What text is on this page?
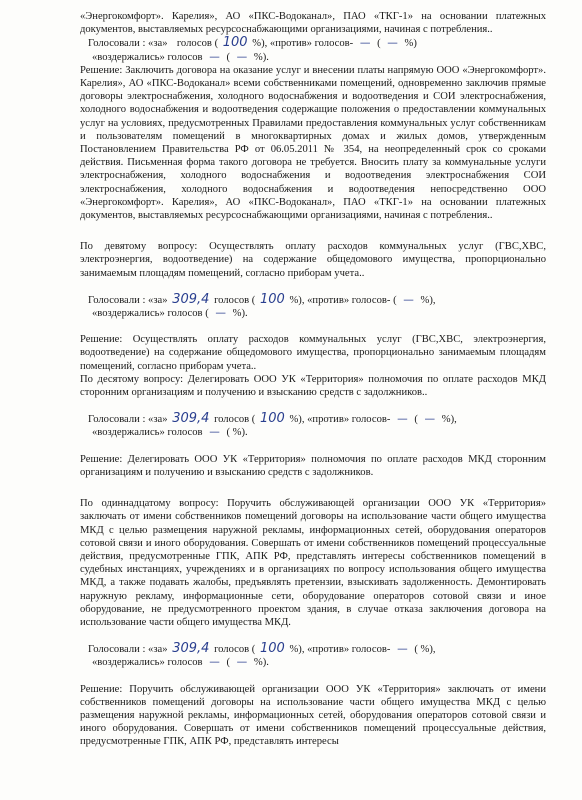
«Энергокомфорт». Карелия», АО «ПКС-Водоканал», ПАО «ТКГ-1» на основании платежных документов, выставляемых ресурсоснабжающими организациями, начиная с потребления..

Голосовали : «за» голосов ( 100 %), «против» голосов- — ( — %)
«воздержались» голосов — ( — %).

Решение: Заключить договора на оказание услуг и внесении платы напрямую ООО «Энергокомфорт». Карелия», АО «ПКС-Водоканал» всеми собственниками помещений, одновременно заключив прямые договоры электроснабжения, холодного водоснабжения и водоотведения и СОИ электроснабжения, холодного водоснабжения и водоотведения содержащие положения о предоставлении коммунальных услуг на условиях, предусмотренных Правилами предоставления коммунальных услуг собственникам и пользователям помещений в многоквартирных домах и жилых домов, утвержденным Постановлением Правительства РФ от 06.05.2011 № 354, на неопределенный срок со сроками действия. Письменная форма такого договора не требуется. Вносить плату за коммунальные услуги электроснабжения, холодного водоснабжения и водоотведения электроснабжения СОИ электроснабжения, холодного водоснабжения и водоотведения непосредственно ООО «Энергокомфорт». Карелия», АО «ПКС-Водоканал», ПАО «ТКГ-1» на основании платежных документов, выставляемых ресурсоснабжающими организациями, начиная с потребления..

По девятому вопросу: Осуществлять оплату расходов коммунальных услуг (ГВС,ХВС, электроэнергия, водоотведение) на содержание общедомового имущества, пропорционально занимаемым площадям помещений, согласно приборам учета..

Голосовали : «за» 309,4 голосов ( 100 %), «против» голосов- ( — %),
«воздержались» голосов ( — %).

Решение: Осуществлять оплату расходов коммунальных услуг (ГВС,ХВС, электроэнергия, водоотведение) на содержание общедомового имущества, пропорционально занимаемым площадям помещений, согласно приборам учета..

По десятому вопросу: Делегировать ООО УК «Территория» полномочия по оплате расходов МКД сторонним организациям и получению и взысканию средств с задолжников..

Голосовали : «за» 309,4 голосов ( 100 %), «против» голосов- — ( — %),
«воздержались» голосов — ( %).

Решение: Делегировать ООО УК «Территория» полномочия по оплате расходов МКД сторонним организациям и получению и взысканию средств с задолжников.

По одиннадцатому вопросу: Поручить обслуживающей организации ООО УК «Территория» заключать от имени собственников помещений договоры на использование части общего имущества МКД с целью размещения наружной рекламы, информационных сетей, оборудования операторов сотовой связи и иного оборудования. Совершать от имени собственников помещений процессуальные действия, предусмотренные ГПК, АПК РФ, представлять интересы собственников помещений в судебных инстанциях, учреждениях и в организациях по вопросу использования общего имущества МКД, а также подавать жалобы, предъявлять претензии, взыскивать задолженность. Демонтировать наружную рекламу, информационные сети, оборудование операторов сотовой связи и иное оборудование, не предусмотренного проектом здания, в случае отказа заключения договора на использование части общего имущества МКД.

Голосовали : «за» 309,4 голосов ( 100 %), «против» голосов- — ( %),
«воздержались» голосов — ( — %).

Решение: Поручить обслуживающей организации ООО УК «Территория» заключать от имени собственников помещений договоры на использование части общего имущества МКД с целью размещения наружной рекламы, информационных сетей, оборудования операторов сотовой связи и иного оборудования. Совершать от имени собственников помещений процессуальные действия, предусмотренные ГПК, АПК РФ, представлять интересы
